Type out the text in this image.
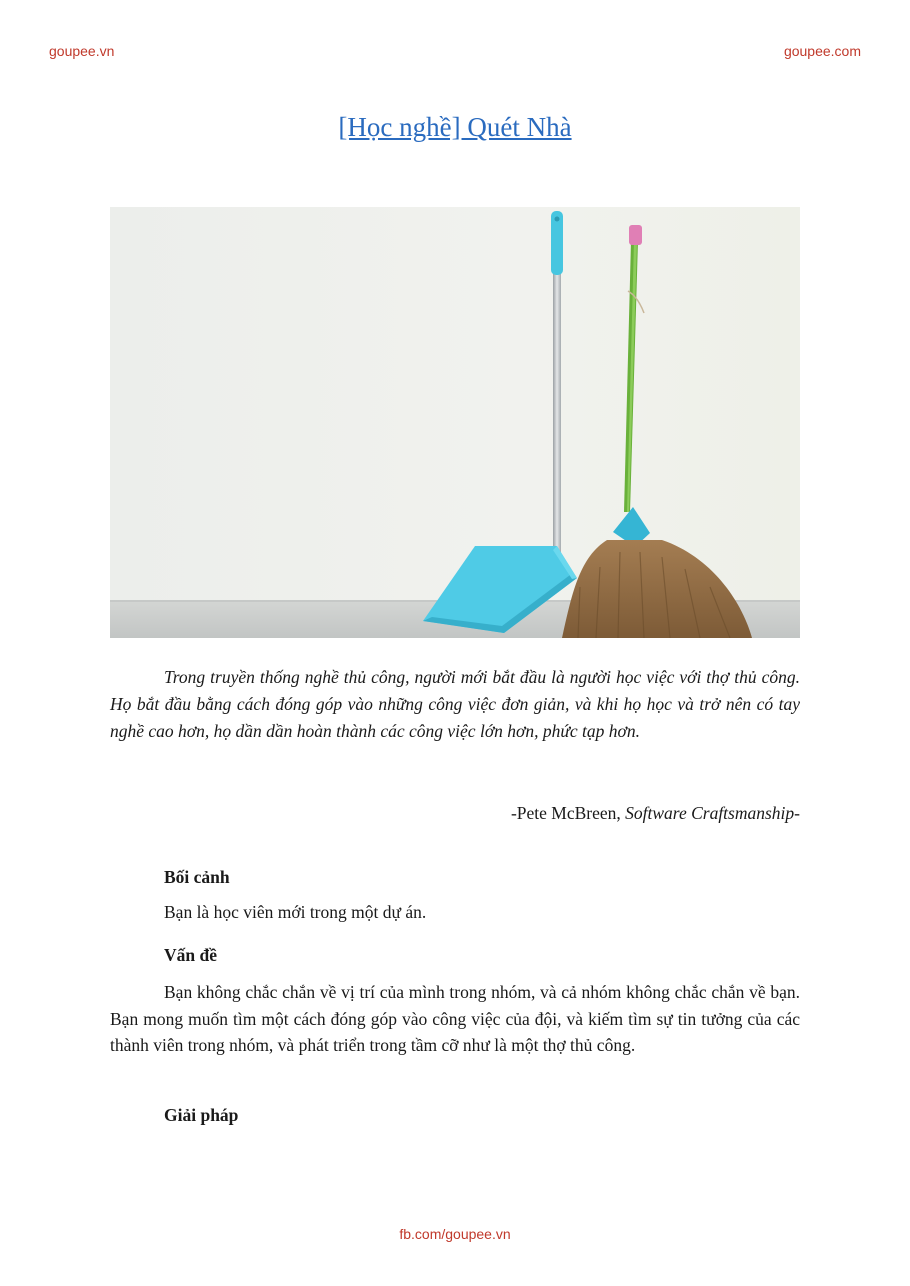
goupee.vn	goupee.com
[Học nghề] Quét Nhà

Trong truyền thống nghề thủ công, người mới bắt đầu là người học việc với thợ thủ công. Họ bắt đầu bằng cách đóng góp vào những công việc đơn giản, và khi họ học và trở nên có tay nghề cao hơn, họ dần dần hoàn thành các công việc lớn hơn, phức tạp hơn.

-Pete McBreen, Software Craftsmanship-
Bối cảnh
Bạn là học viên mới trong một dự án.
Vấn đề

Bạn không chắc chắn về vị trí của mình trong nhóm, và cả nhóm không chắc chắn về bạn. Bạn mong muốn tìm một cách đóng góp vào công việc của đội, và kiếm tìm sự tin tưởng của các thành viên trong nhóm, và phát triển trong tầm cỡ như là một thợ thủ công.

Giải pháp
fb.com/goupee.vn
